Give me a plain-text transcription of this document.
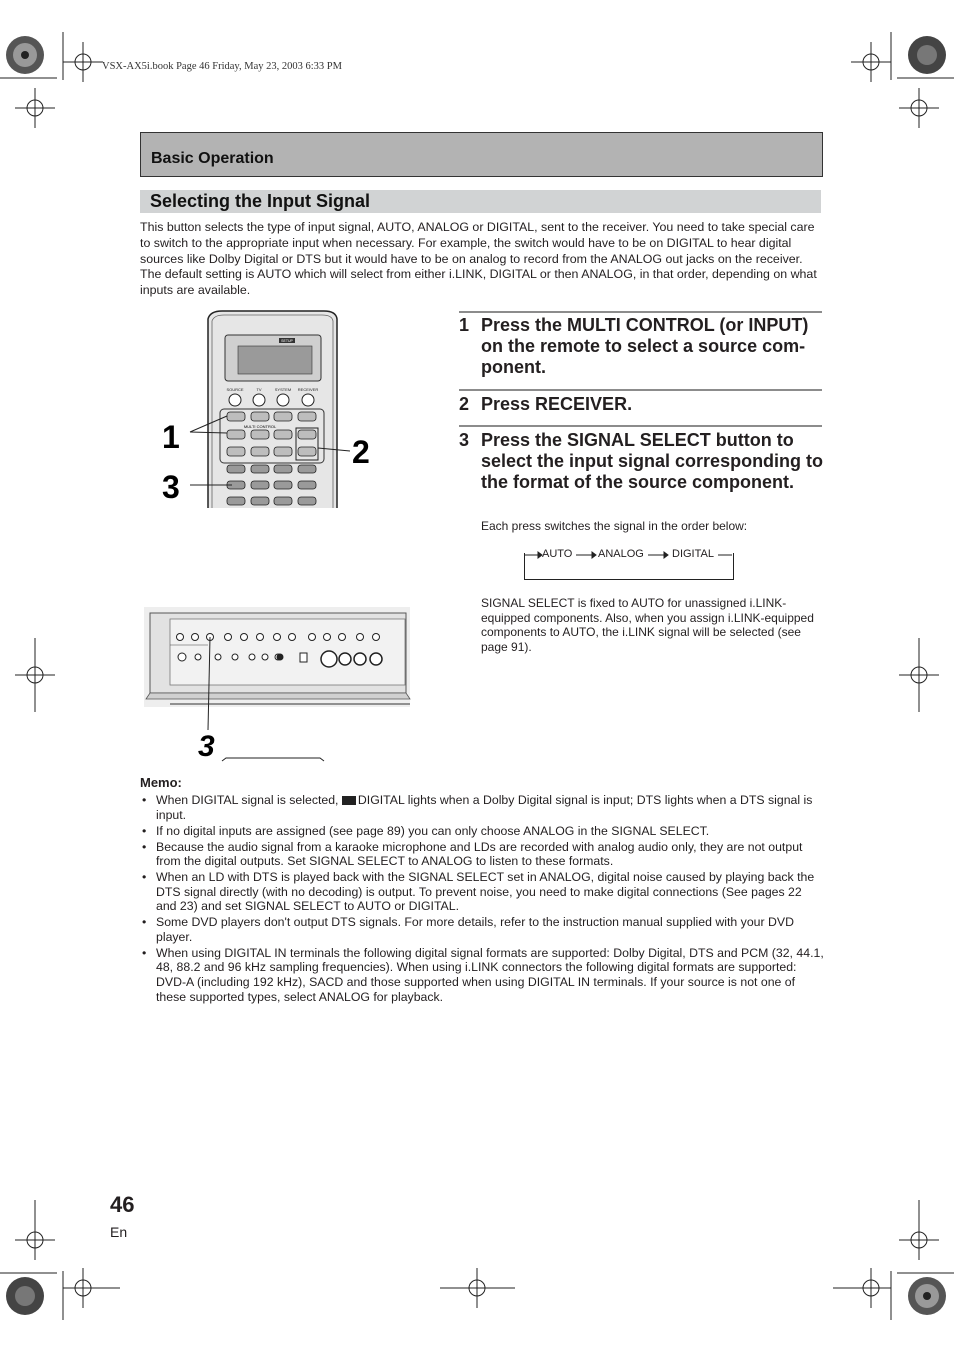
VSX-AX5i.book Page 46 Friday, May 23, 2003 6:33 PM
Basic Operation
Selecting the Input Signal
This button selects the type of input signal, AUTO, ANALOG or DIGITAL, sent to the receiver. You need to take special care to switch to the appropriate input when necessary. For example, the switch would have to be on DIGITAL to hear digital sources like Dolby Digital or DTS but it would have to be on analog to record from the ANALOG out jacks on the receiver. The default setting is AUTO which will select from either i.LINK, DIGITAL or then ANALOG, in that order, depending on what inputs are available.
SETUP
SOURCE	TV	SYSTEM RECEIVER
MULTI CONTROL
1	2
3
3
1 Press the MULTI CONTROL (or INPUT) on the remote to select a source com-ponent.
2 Press RECEIVER.
3 Press the SIGNAL SELECT button to select the input signal corresponding to the format of the source component.
Each press switches the signal in the order below:
AUTO ANALOG	DIGITAL
SIGNAL SELECT is fixed to AUTO for unassigned i.LINK-equipped components. Also, when you assign i.LINK-equipped components to AUTO, the i.LINK signal will be selected (see page 91).
Memo:
• When DIGITAL signal is selected, DIGITAL lights when a Dolby Digital signal is input; DTS lights when a DTS signal is input.
• If no digital inputs are assigned (see page 89) you can only choose ANALOG in the SIGNAL SELECT.
• Because the audio signal from a karaoke microphone and LDs are recorded with analog audio only, they are not output from the digital outputs. Set SIGNAL SELECT to ANALOG to listen to these formats.
• When an LD with DTS is played back with the SIGNAL SELECT set in ANALOG, digital noise caused by playing back the DTS signal directly (with no decoding) is output. To prevent noise, you need to make digital connections (See pages 22 and 23) and set SIGNAL SELECT to AUTO or DIGITAL.
• Some DVD players don't output DTS signals. For more details, refer to the instruction manual supplied with your DVD player.
• When using DIGITAL IN terminals the following digital signal formats are supported: Dolby Digital, DTS and PCM (32, 44.1, 48, 88.2 and 96 kHz sampling frequencies). When using i.LINK connectors the following digital formats are supported: DVD-A (including 192 kHz), SACD and those supported when using DIGITAL IN terminals. If your source is not one of these supported types, select ANALOG for playback.
46
En
